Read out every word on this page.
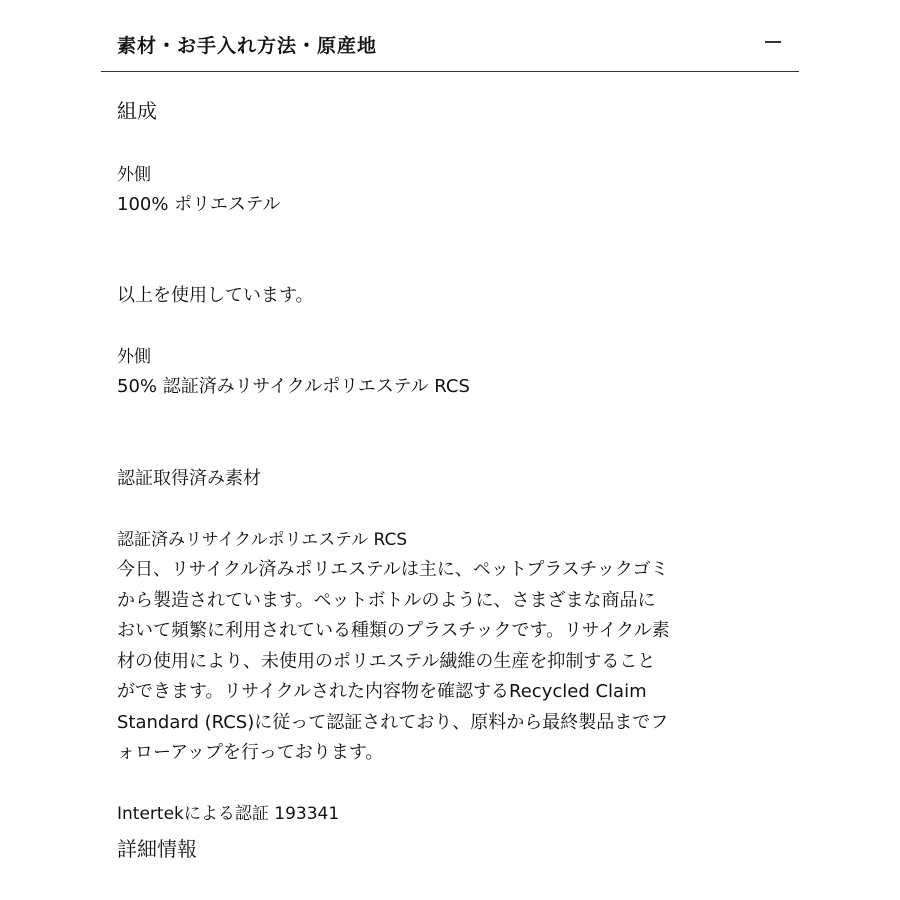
素材・お手入れ方法・原産地
組成
外側
100% ポリエステル
以上を使用しています。
外側
50% 認証済みリサイクルポリエステル RCS
認証取得済み素材
認証済みリサイクルポリエステル RCS
今日、リサイクル済みポリエステルは主に、ペットプラスチックゴミ
から製造されています。ペットボトルのように、さまざまな商品に
おいて頻繁に利用されている種類のプラスチックです。リサイクル素
材の使用により、未使用のポリエステル繊維の生産を抑制すること
ができます。リサイクルされた内容物を確認するRecycled Claim
Standard (RCS)に従って認証されており、原料から最終製品までフ
ォローアップを行っております。
Intertekによる認証 193341
詳細情報
